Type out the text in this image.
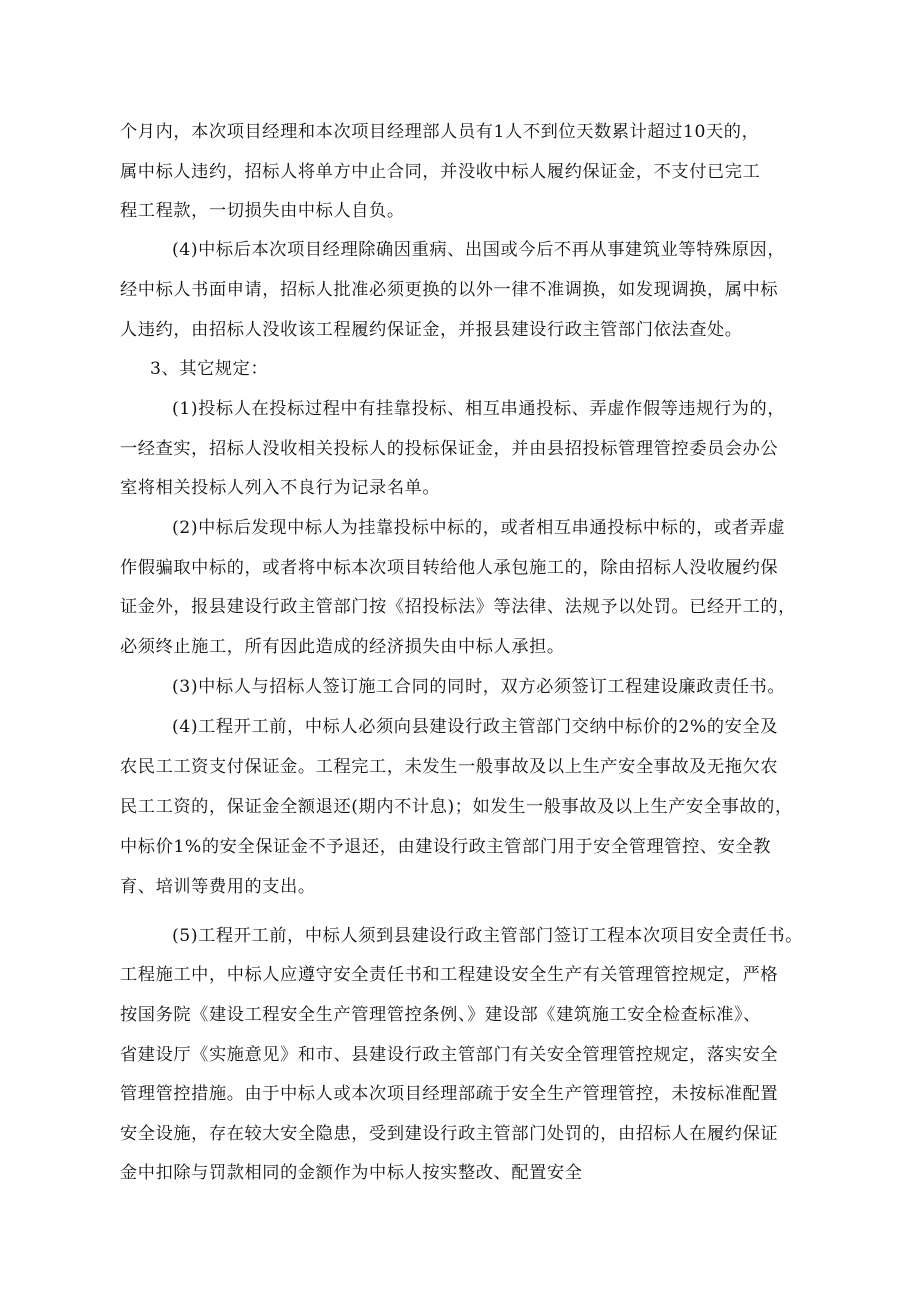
个月内，本次项目经理和本次项目经理部人员有1人不到位天数累计超过10天的，
属中标人违约，招标人将单方中止合同，并没收中标人履约保证金，不支付已完工
程工程款，一切损失由中标人自负。
(4)中标后本次项目经理除确因重病、出国或今后不再从事建筑业等特殊原因，
经中标人书面申请，招标人批准必须更换的以外一律不准调换，如发现调换，属中标
人违约，由招标人没收该工程履约保证金，并报县建设行政主管部门依法查处。
3、其它规定：
(1)投标人在投标过程中有挂靠投标、相互串通投标、弄虚作假等违规行为的，
一经查实，招标人没收相关投标人的投标保证金，并由县招投标管理管控委员会办公
室将相关投标人列入不良行为记录名单。
(2)中标后发现中标人为挂靠投标中标的，或者相互串通投标中标的，或者弄虚
作假骗取中标的，或者将中标本次项目转给他人承包施工的，除由招标人没收履约保
证金外，报县建设行政主管部门按《招投标法》等法律、法规予以处罚。已经开工的，
必须终止施工，所有因此造成的经济损失由中标人承担。
(3)中标人与招标人签订施工合同的同时，双方必须签订工程建设廉政责任书。
(4)工程开工前，中标人必须向县建设行政主管部门交纳中标价的2%的安全及
农民工工资支付保证金。工程完工，未发生一般事故及以上生产安全事故及无拖欠农
民工工资的，保证金全额退还(期内不计息)；如发生一般事故及以上生产安全事故的，
中标价1%的安全保证金不予退还，由建设行政主管部门用于安全管理管控、安全教
育、培训等费用的支出。
(5)工程开工前，中标人须到县建设行政主管部门签订工程本次项目安全责任书。
工程施工中，中标人应遵守安全责任书和工程建设安全生产有关管理管控规定，严格
按国务院《建设工程安全生产管理管控条例、》建设部《建筑施工安全检查标准》、
省建设厅《实施意见》和市、县建设行政主管部门有关安全管理管控规定，落实安全
管理管控措施。由于中标人或本次项目经理部疏于安全生产管理管控，未按标准配置
安全设施，存在较大安全隐患，受到建设行政主管部门处罚的，由招标人在履约保证
金中扣除与罚款相同的金额作为中标人按实整改、配置安全
